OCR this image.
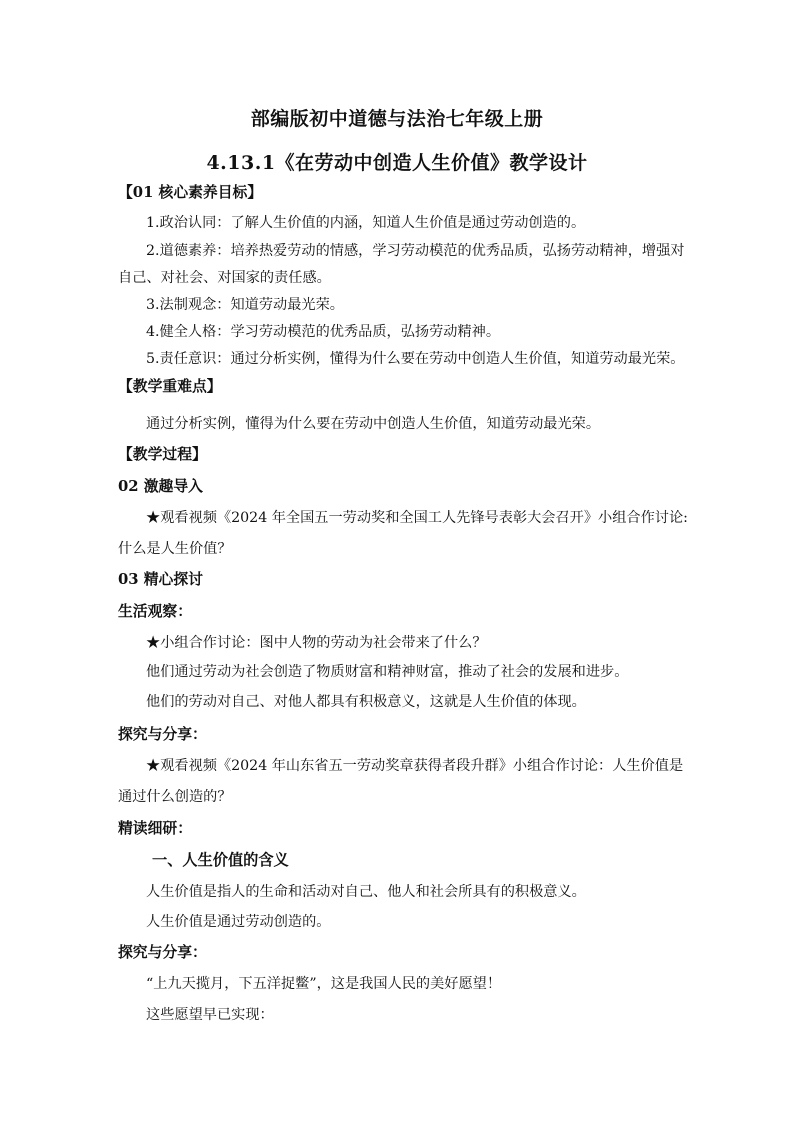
部编版初中道德与法治七年级上册
4.13.1《在劳动中创造人生价值》教学设计
【01 核心素养目标】
1.政治认同：了解人生价值的内涵，知道人生价值是通过劳动创造的。
2.道德素养：培养热爱劳动的情感，学习劳动模范的优秀品质，弘扬劳动精神，增强对
自己、对社会、对国家的责任感。
3.法制观念：知道劳动最光荣。
4.健全人格：学习劳动模范的优秀品质，弘扬劳动精神。
5.责任意识：通过分析实例，懂得为什么要在劳动中创造人生价值，知道劳动最光荣。
【教学重难点】
通过分析实例，懂得为什么要在劳动中创造人生价值，知道劳动最光荣。
【教学过程】
02 激趣导入
★观看视频《2024 年全国五一劳动奖和全国工人先锋号表彰大会召开》小组合作讨论:
什么是人生价值？
03 精心探讨
生活观察：
★小组合作讨论：图中人物的劳动为社会带来了什么？
他们通过劳动为社会创造了物质财富和精神财富，推动了社会的发展和进步。
他们的劳动对自己、对他人都具有积极意义，这就是人生价值的体现。
探究与分享：
★观看视频《2024 年山东省五一劳动奖章获得者段升群》小组合作讨论：人生价值是
通过什么创造的？
精读细研：
一、人生价值的含义
人生价值是指人的生命和活动对自己、他人和社会所具有的积极意义。
人生价值是通过劳动创造的。
探究与分享：
“上九天揽月，下五洋捉鳖”，这是我国人民的美好愿望！
这些愿望早已实现：
